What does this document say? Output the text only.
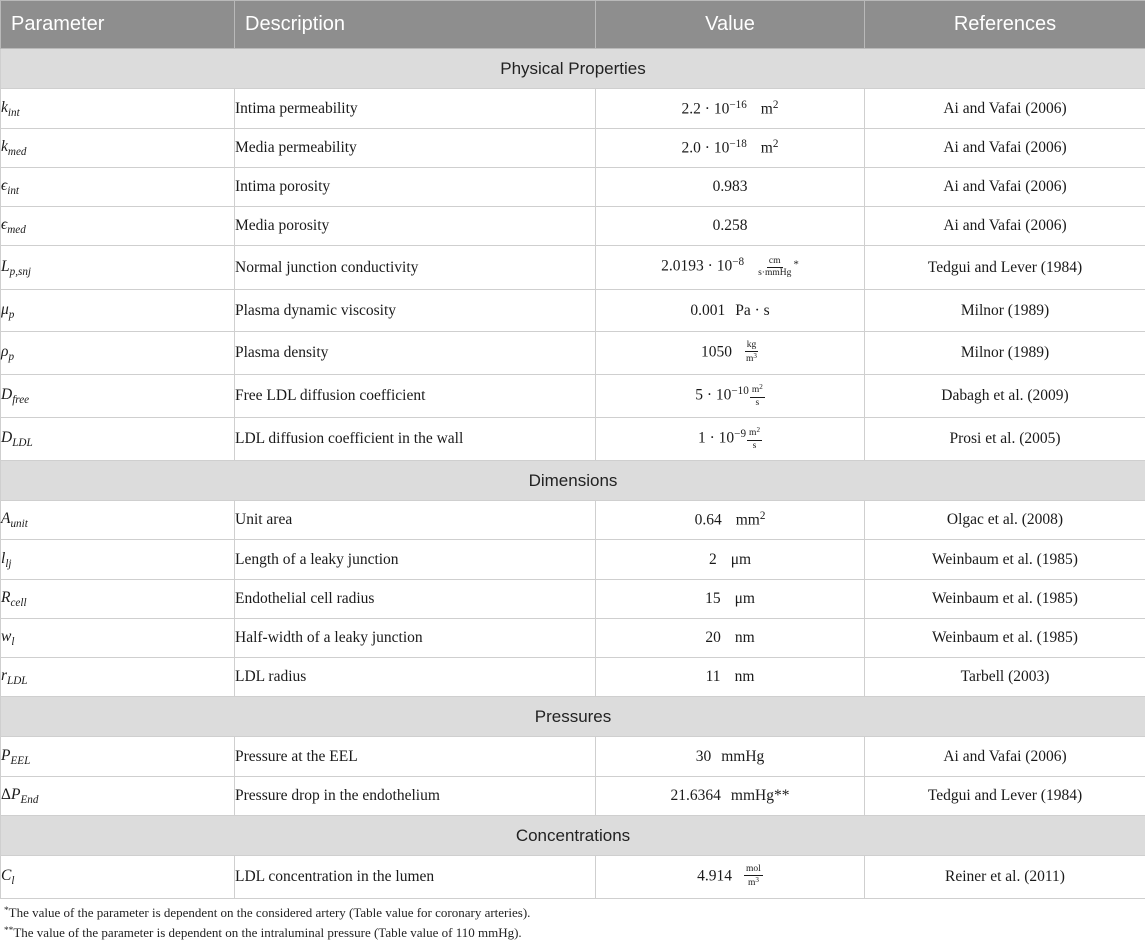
Parameter	Description	Value	References
Physical Properties			
$k_{int}$	Intima permeability	$2.2 \cdot 10^{-16}$ $m^2$	Ai and Vafai (2006)
$k_{med}$	Media permeability	$2.0 \cdot 10^{-18}$ $m^2$	Ai and Vafai (2006)
$\epsilon_{int}$	Intima porosity	0.983	Ai and Vafai (2006)
$\epsilon_{med}$	Media porosity	0.258	Ai and Vafai (2006)
$L_{p,snj}$	Normal junction conductivity	$2.0193 \cdot 10^{-8} \frac{cm}{\text{s·mmHg}} ^*$	Tedgui and Lever (1984)
$\mu_p$	Plasma dynamic viscosity	0.001 Pa · s	Milnor (1989)
$\rho_p$	Plasma density	$1050 \frac{kg}{m^3}$	Milnor (1989)
$D_{free}$	Free LDL diffusion coefficient	$5 \cdot 10^{-10} \frac{m^2}{s}$	Dabagh et al. (2009)
$D_{LDL}$	LDL diffusion coefficient in the wall	$1 \cdot 10^{-9} \frac{m^2}{s}$	Prosi et al. (2005)
Dimensions			
$A_{unit}$	Unit area	0.64 $mm^2$	Olgac et al. (2008)
$l_{lj}$	Length of a leaky junction	2 μm	Weinbaum et al. (1985)
$R_{cell}$	Endothelial cell radius	15 μm	Weinbaum et al. (1985)
$w_l$	Half-width of a leaky junction	20 nm	Weinbaum et al. (1985)
$r_{LDL}$	LDL radius	11 nm	Tarbell (2003)
Pressures			
$P_{EEL}$	Pressure at the EEL	30 mmHg	Ai and Vafai (2006)
$\Delta P_{End}$	Pressure drop in the endothelium	21.6364 mmHg**	Tedgui and Lever (1984)
Concentrations			
$C_l$	LDL concentration in the lumen	$4.914 \frac{\text{mol}}{m^3}$	Reiner et al. (2011)

*The value of the parameter is dependent on the considered artery (Table value for coronary arteries).

**The value of the parameter is dependent on the intraluminal pressure (Table value of 110 mmHg).
